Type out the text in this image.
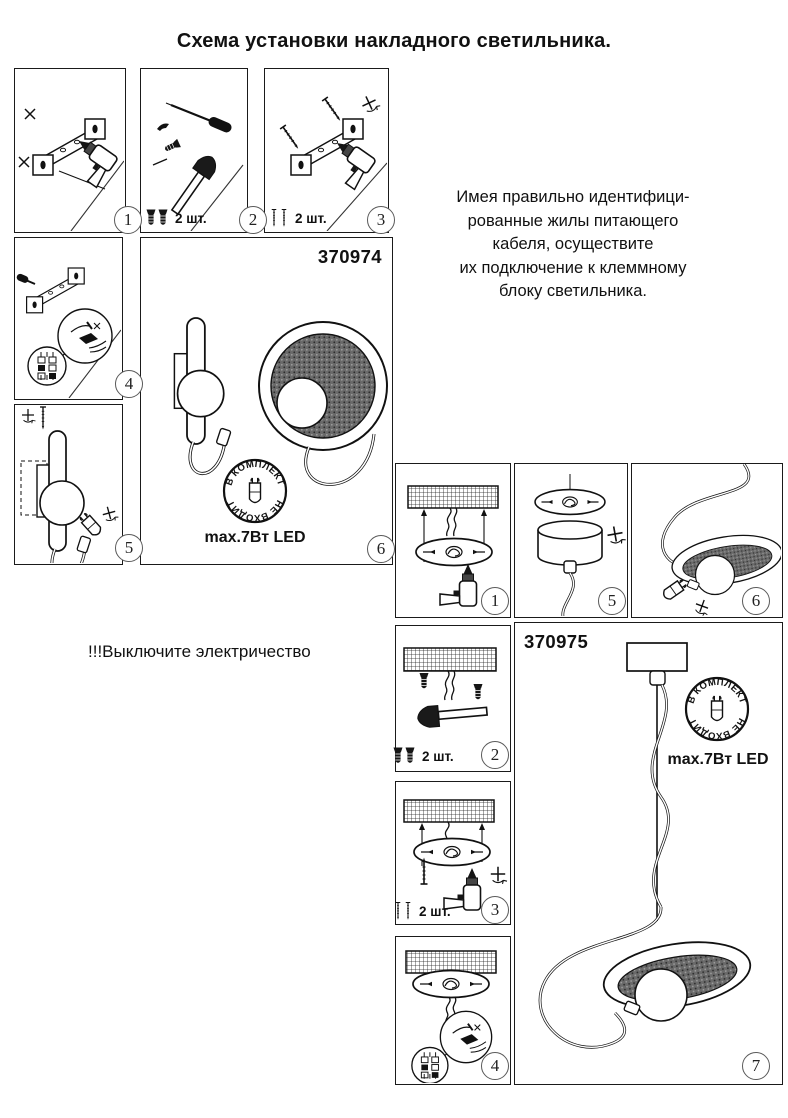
Схема установки накладного светильника.
1	2 шт. 2	2 шт.	3
4
5
370974
В КОМПЛЕКТ
НЕ ВХОДИТ
max.7Вт LED
6
Имея правильно идентифици-
рованные жилы питающего
кабеля, осуществите
их подключение к клеммному
блоку светильника.
!!!Выключите электричество
1	5	6
2 шт. 2
2 шт. 3
4
370975
В КОМПЛЕКТ
НЕ ВХОДИТ
max.7Вт LED
7
